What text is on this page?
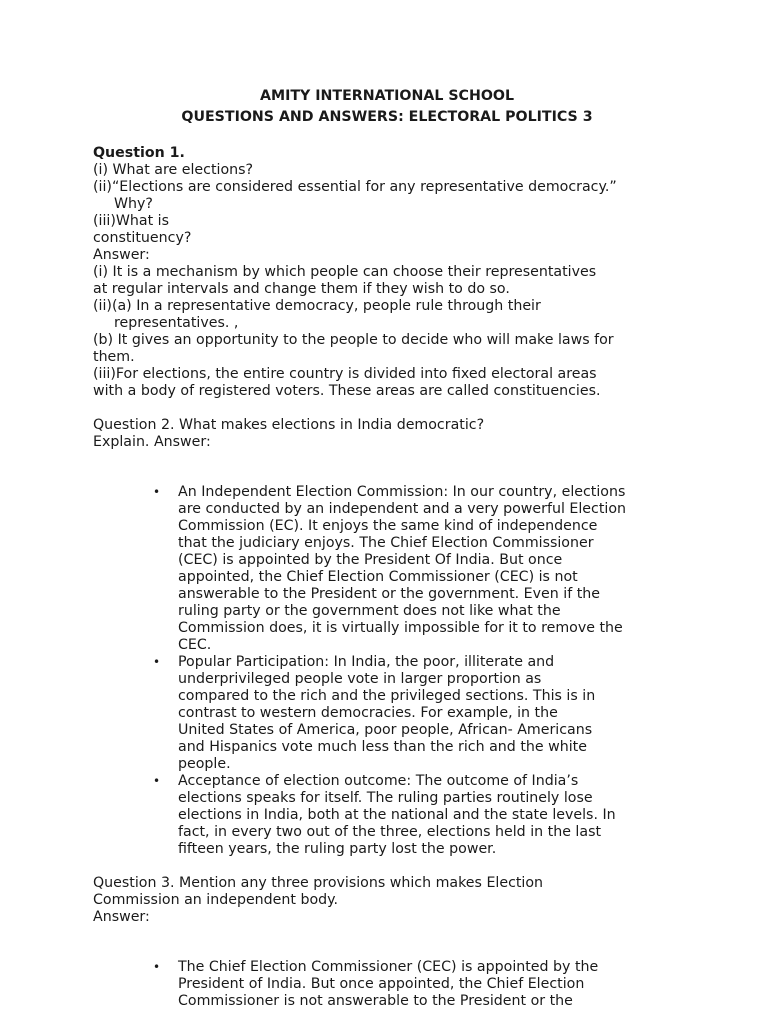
AMITY INTERNATIONAL SCHOOL
QUESTIONS AND ANSWERS: ELECTORAL POLITICS 3
Question 1.
(i) What are elections?
(ii)“Elections are considered essential for any representative democracy.”
Why?
(iii)What is
constituency?
Answer:
(i) It is a mechanism by which people can choose their representatives
at regular intervals and change them if they wish to do so.
(ii)(a) In a representative democracy, people rule through their
representatives. ,
(b) It gives an opportunity to the people to decide who will make laws for
them.
(iii)For elections, the entire country is divided into fixed electoral areas
with a body of registered voters. These areas are called constituencies.
Question 2. What makes elections in India democratic?
Explain. Answer:
• An Independent Election Commission: In our country, elections
are conducted by an independent and a very powerful Election
Commission (EC). It enjoys the same kind of independence
that the judiciary enjoys. The Chief Election Commissioner
(CEC) is appointed by the President Of India. But once
appointed, the Chief Election Commissioner (CEC) is not
answerable to the President or the government. Even if the
ruling party or the government does not like what the
Commission does, it is virtually impossible for it to remove the
CEC.
• Popular Participation: In India, the poor, illiterate and
underprivileged people vote in larger proportion as
compared to the rich and the privileged sections. This is in
contrast to western democracies. For example, in the
United States of America, poor people, African- Americans
and Hispanics vote much less than the rich and the white
people.
• Acceptance of election outcome: The outcome of India’s
elections speaks for itself. The ruling parties routinely lose
elections in India, both at the national and the state levels. In
fact, in every two out of the three, elections held in the last
fifteen years, the ruling party lost the power.
Question 3. Mention any three provisions which makes Election
Commission an independent body.
Answer:
• The Chief Election Commissioner (CEC) is appointed by the
President of India. But once appointed, the Chief Election
Commissioner is not answerable to the President or the
